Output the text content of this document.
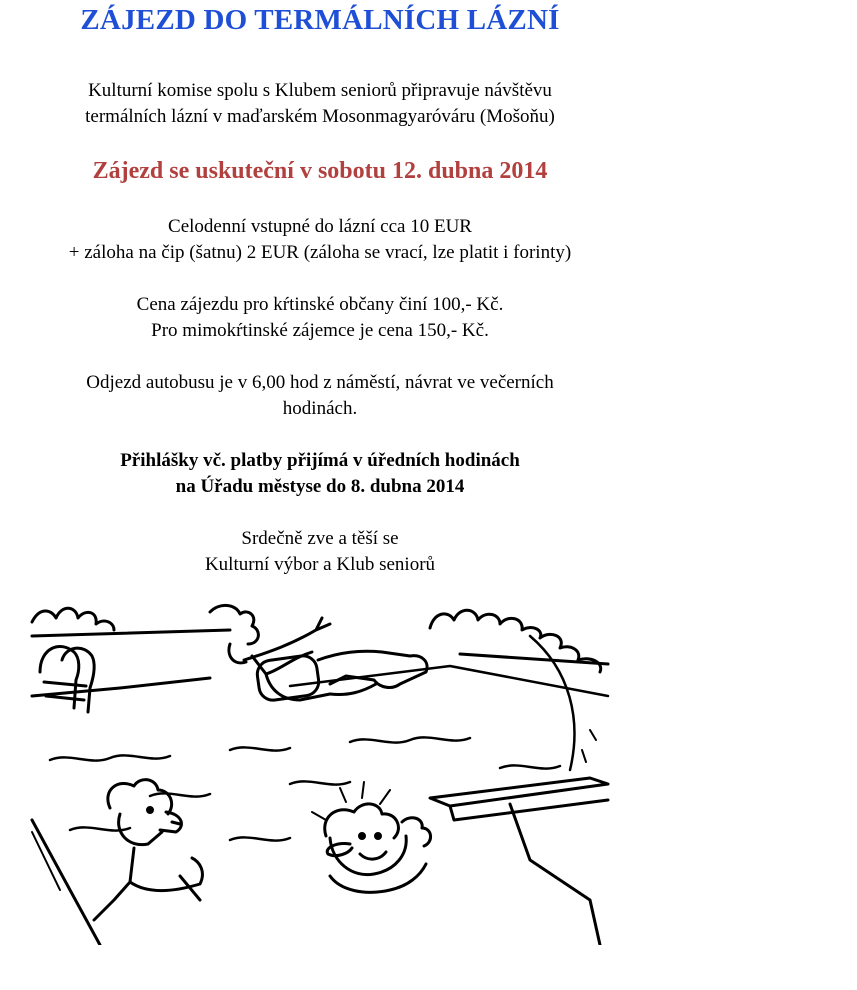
ZÁJEZD DO TERMÁLNÍCH LÁZNÍ
Kulturní komise spolu s Klubem seniorů připravuje návštěvu
termálních lázní v maďarském Mosonmagyaróváru (Mošoňu)
Zájezd se uskuteční v sobotu 12. dubna 2014
Celodenní vstupné do lázní cca 10 EUR
+ záloha na čip (šatnu) 2 EUR (záloha se vrací, lze platit i forinty)
Cena zájezdu pro kŕtinské občany činí 100,- Kč.
Pro mimokŕtinské zájemce je cena 150,- Kč.
Odjezd autobusu je v 6,00 hod z náměstí, návrat ve večerních
hodinách.
Přihlášky vč. platby přijímá v úředních hodinách
na Úřadu městyse do 8. dubna 2014
Srdečně zve a těší se
Kulturní výbor a Klub seniorů
